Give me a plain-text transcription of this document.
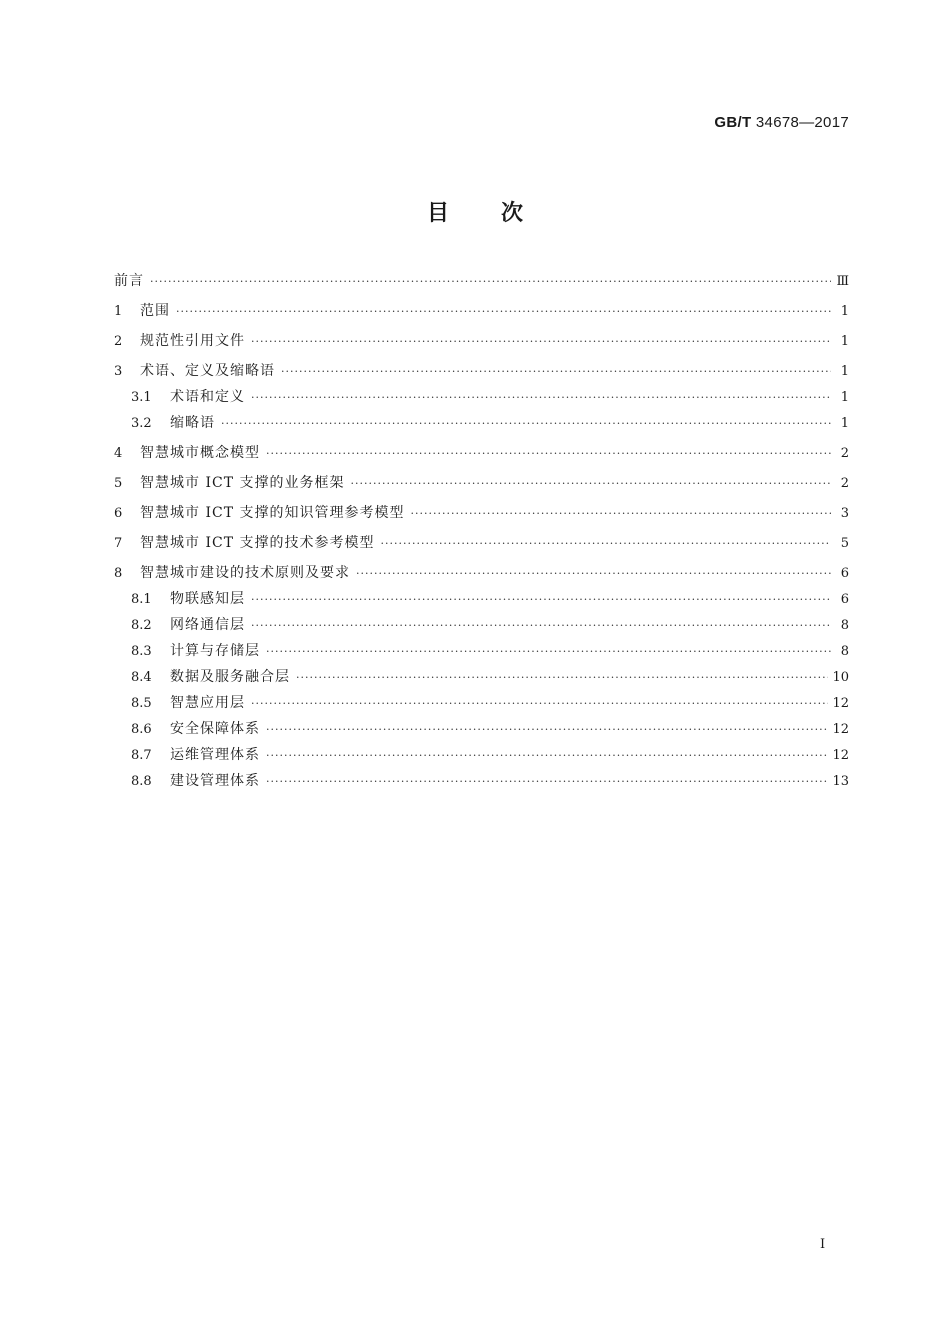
GB/T 34678—2017
目次
前言 ·····	Ⅲ
1	范围 ·····	1
2	规范性引用文件 ·····	1
3	术语、定义及缩略语 ·····	1
3.1	术语和定义 ·····	1
3.2	缩略语 ·····	1
4	智慧城市概念模型 ·····	2
5	智慧城市 ICT 支撑的业务框架 ·····	2
6	智慧城市 ICT 支撑的知识管理参考模型 ·····	3
7	智慧城市 ICT 支撑的技术参考模型 ·····	5
8	智慧城市建设的技术原则及要求 ·····	6
8.1	物联感知层 ·····	6
8.2	网络通信层 ·····	8
8.3	计算与存储层 ·····	8
8.4	数据及服务融合层 ·····	10
8.5	智慧应用层 ·····	12
8.6	安全保障体系 ·····	12
8.7	运维管理体系 ·····	12
8.8	建设管理体系 ·····	13
I
